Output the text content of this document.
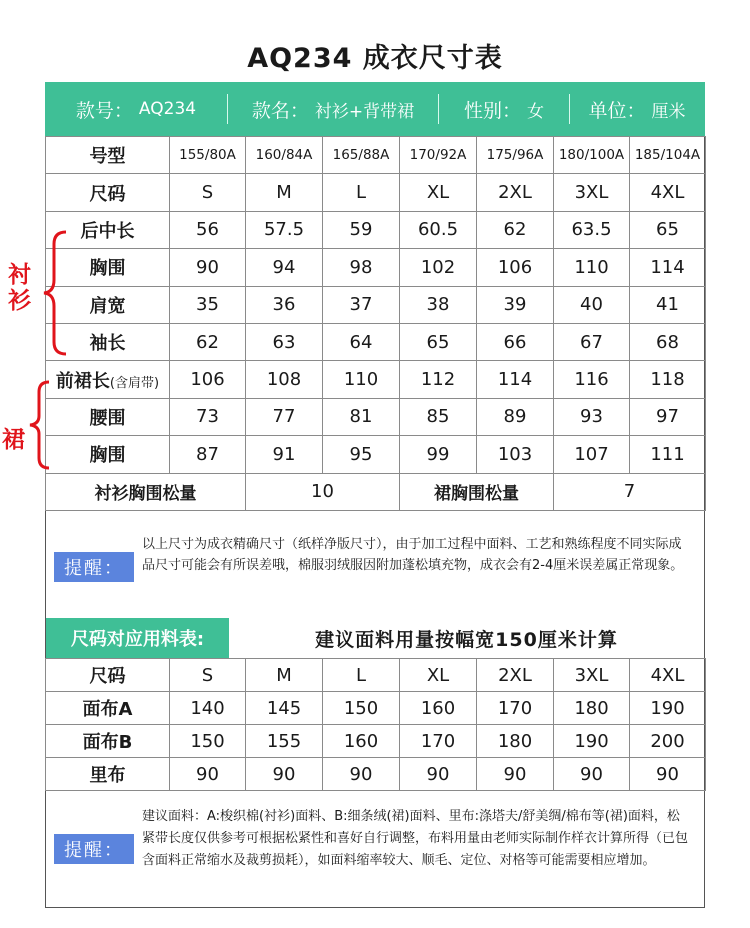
AQ234 成衣尺寸表
款号： AQ234	款名： 衬衫+背带裙	性别： 女 单位： 厘米
号型	155/80A	160/84A	165/88A	170/92A	175/96A	180/100A	185/104A
尺码	S	M	L	XL	2XL	3XL	4XL
后中长	56	57.5	59	60.5	62	63.5	65
胸围	90	94	98	102	106	110	114
肩宽	35	36	37	38	39	40	41
袖长	62	63	64	65	66	67	68
前裙长(含肩带)	106	108	110	112	114	116	118
腰围	73	77	81	85	89	93	97
胸围	87	91	95	99	103	107	111
衬衫胸围松量		10		裙胸围松量		7	
衬衫
裙
提醒：
以上尺寸为成衣精确尺寸（纸样净版尺寸），由于加工过程中面料、工艺和熟练程度不同实际成品尺寸可能会有所误差哦，棉服羽绒服因附加蓬松填充物，成衣会有2-4厘米误差属正常现象。
尺码对应用料表:	建议面料用量按幅宽150厘米计算
尺码	S	M	L	XL	2XL	3XL	4XL
面布A	140	145	150	160	170	180	190
面布B	150	155	160	170	180	190	200
里布	90	90	90	90	90	90	90
提醒：
建议面料：A:梭织棉(衬衫)面料、B:细条绒(裙)面料、里布:涤塔夫/舒美绸/棉布等(裙)面料，松紧带长度仅供参考可根据松紧性和喜好自行调整，布料用量由老师实际制作样衣计算所得（已包含面料正常缩水及裁剪损耗），如面料缩率较大、顺毛、定位、对格等可能需要相应增加。
